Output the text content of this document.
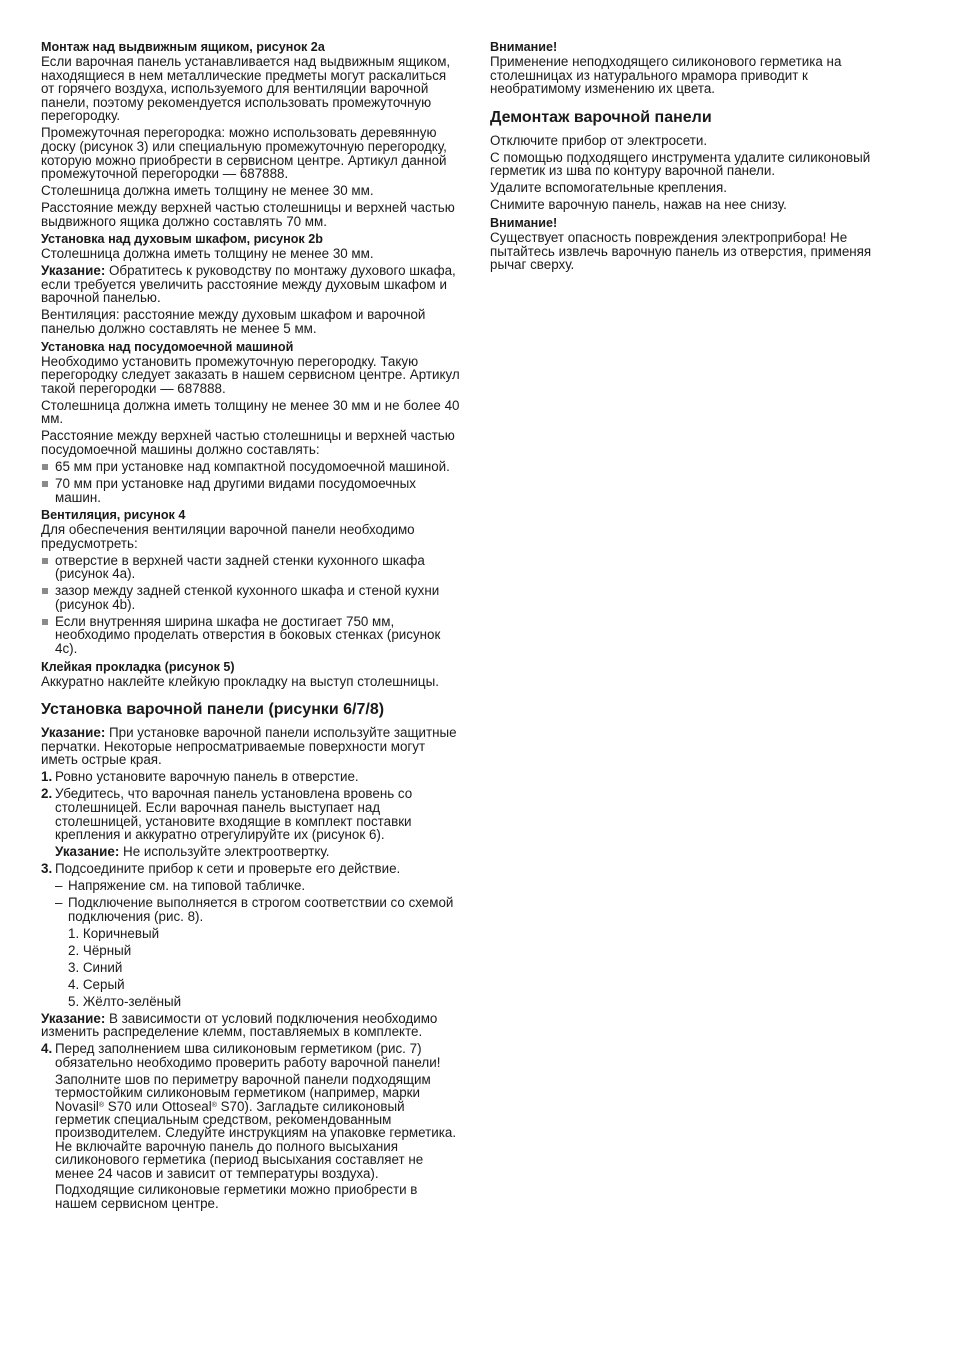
Монтаж над выдвижным ящиком, рисунок 2a

Если варочная панель устанавливается над выдвижным ящиком, находящиеся в нем металлические предметы могут раскалиться от горячего воздуха, используемого для вентиляции варочной панели, поэтому рекомендуется использовать промежуточную перегородку.

Промежуточная перегородка: можно использовать деревянную доску (рисунок 3) или специальную промежуточную перегородку, которую можно приобрести в сервисном центре. Артикул данной промежуточной перегородки — 687888.

Столешница должна иметь толщину не менее 30 мм.

Расстояние между верхней частью столешницы и верхней частью выдвижного ящика должно составлять 70 мм.

Установка над духовым шкафом, рисунок 2b

Столешница должна иметь толщину не менее 30 мм.

Указание: Обратитесь к руководству по монтажу духового шкафа, если требуется увеличить расстояние между духовым шкафом и варочной панелью.

Вентиляция: расстояние между духовым шкафом и варочной панелью должно составлять не менее 5 мм.

Установка над посудомоечной машиной

Необходимо установить промежуточную перегородку. Такую перегородку следует заказать в нашем сервисном центре. Артикул такой перегородки — 687888.

Столешница должна иметь толщину не менее 30 мм и не более 40 мм.

Расстояние между верхней частью столешницы и верхней частью посудомоечной машины должно составлять:

65 мм при установке над компактной посудомоечной машиной.
70 мм при установке над другими видами посудомоечных машин.
Вентиляция, рисунок 4

Для обеспечения вентиляции варочной панели необходимо предусмотреть:

отверстие в верхней части задней стенки кухонного шкафа (рисунок 4a).
зазор между задней стенкой кухонного шкафа и стеной кухни (рисунок 4b).
Если внутренняя ширина шкафа не достигает 750 мм, необходимо проделать отверстия в боковых стенках (рисунок 4c).
Клейкая прокладка (рисунок 5)

Аккуратно наклейте клейкую прокладку на выступ столешницы.

Установка варочной панели (рисунки 6/7/8)

Указание: При установке варочной панели используйте защитные перчатки. Некоторые непросматриваемые поверхности могут иметь острые края.

1. Ровно установите варочную панель в отверстие.
2. Убедитесь, что варочная панель установлена вровень со столешницей. Если варочная панель выступает над столешницей, установите входящие в комплект поставки крепления и аккуратно отрегулируйте их (рисунок 6).

Указание: Не используйте электроотвертку.

3. Подсоедините прибор к сети и проверьте его действие.
– Напряжение см. на типовой табличке.
– Подключение выполняется в строгом соответствии со схемой подключения (рис. 8).
1. Коричневый
2. Чёрный
3. Синий
4. Серый
5. Жёлто-зелёный

Указание: В зависимости от условий подключения необходимо изменить распределение клемм, поставляемых в комплекте.

4. Перед заполнением шва силиконовым герметиком (рис. 7) обязательно необходимо проверить работу варочной панели!

Заполните шов по периметру варочной панели подходящим термостойким силиконовым герметиком (например, марки Novasil® S70 или Ottoseal® S70). Загладьте силиконовый герметик специальным средством, рекомендованным производителем. Следуйте инструкциям на упаковке герметика. Не включайте варочную панель до полного высыхания силиконового герметика (период высыхания составляет не менее 24 часов и зависит от температуры воздуха).

Подходящие силиконовые герметики можно приобрести в нашем сервисном центре.

Внимание!

Применение неподходящего силиконового герметика на столешницах из натурального мрамора приводит к необратимому изменению их цвета.

Демонтаж варочной панели

Отключите прибор от электросети.

С помощью подходящего инструмента удалите силиконовый герметик из шва по контуру варочной панели.

Удалите вспомогательные крепления.

Снимите варочную панель, нажав на нее снизу.

Внимание!

Существует опасность повреждения электроприбора! Не пытайтесь извлечь варочную панель из отверстия, применяя рычаг сверху.
